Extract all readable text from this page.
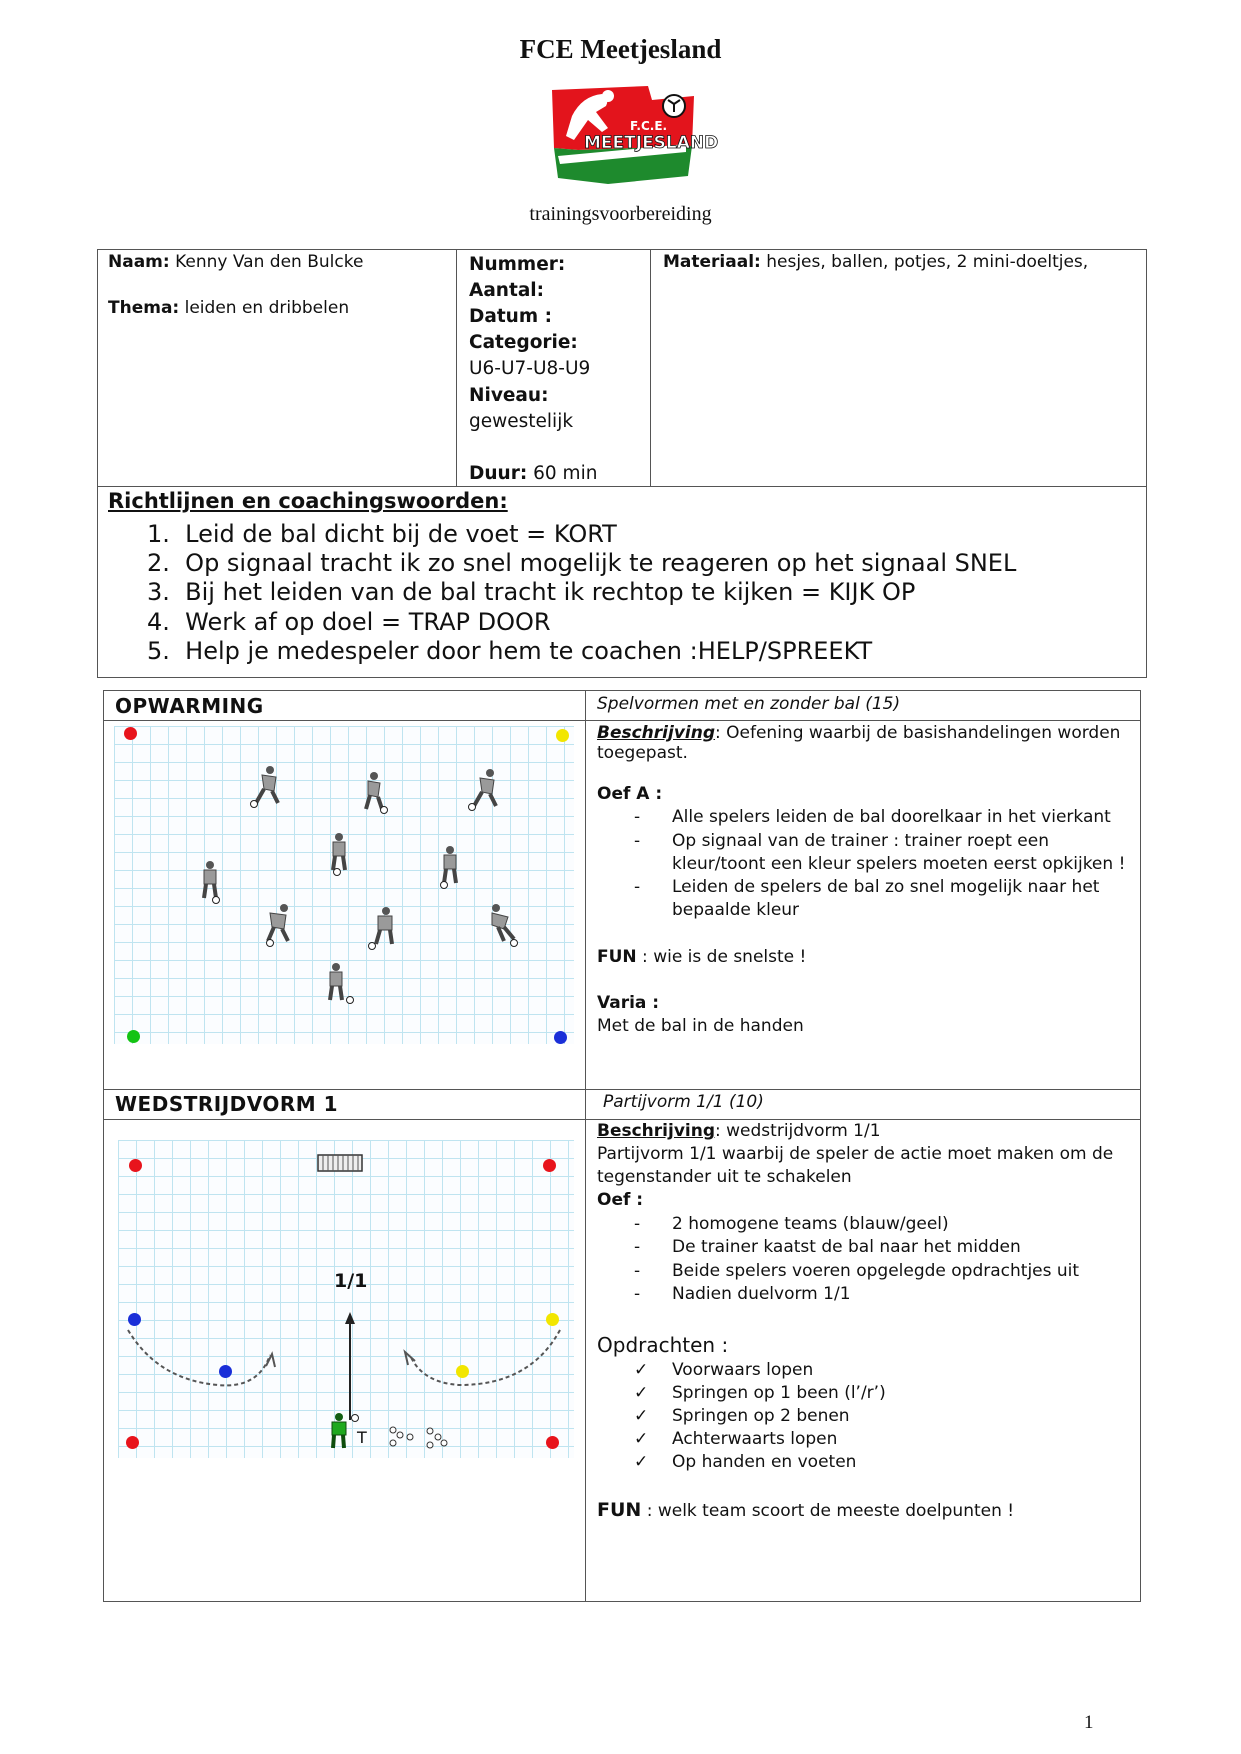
FCE Meetjesland
F.C.E.
MEETJESLAND
trainingsvoorbereiding
Naam: Kenny Van den Bulcke
Thema: leiden en dribbelen
Nummer:
Aantal:
Datum :
Categorie:
U6-U7-U8-U9
Niveau:
gewestelijk
Duur: 60 min
Materiaal: hesjes, ballen, potjes, 2 mini-doeltjes,
Richtlijnen en coachingswoorden:
1. Leid de bal dicht bij de voet = KORT
2. Op signaal tracht ik zo snel mogelijk te reageren op het signaal SNEL
3. Bij het leiden van de bal tracht ik rechtop te kijken = KIJK OP
4. Werk af op doel = TRAP DOOR
5. Help je medespeler door hem te coachen :HELP/SPREEKT
OPWARMING	Spelvormen met en zonder bal (15)
Beschrijving: Oefening waarbij de basishandelingen worden
toegepast.
Oef A :
- Alle spelers leiden de bal doorelkaar in het vierkant
- Op signaal van de trainer : trainer roept een
kleur/toont een kleur spelers moeten eerst opkijken !
- Leiden de spelers de bal zo snel mogelijk naar het
bepaalde kleur
FUN : wie is de snelste !
Varia :
Met de bal in de handen
WEDSTRIJDVORM 1	Partijvorm 1/1 (10)
1/1
T
Beschrijving: wedstrijdvorm 1/1
Partijvorm 1/1 waarbij de speler de actie moet maken om de
tegenstander uit te schakelen
Oef :
- 2 homogene teams (blauw/geel)
- De trainer kaatst de bal naar het midden
- Beide spelers voeren opgelegde opdrachtjes uit
- Nadien duelvorm 1/1
Opdrachten :
✓ Voorwaars lopen
✓ Springen op 1 been (l’/r’)
✓ Springen op 2 benen
✓ Achterwaarts lopen
✓ Op handen en voeten
FUN : welk team scoort de meeste doelpunten !
1
